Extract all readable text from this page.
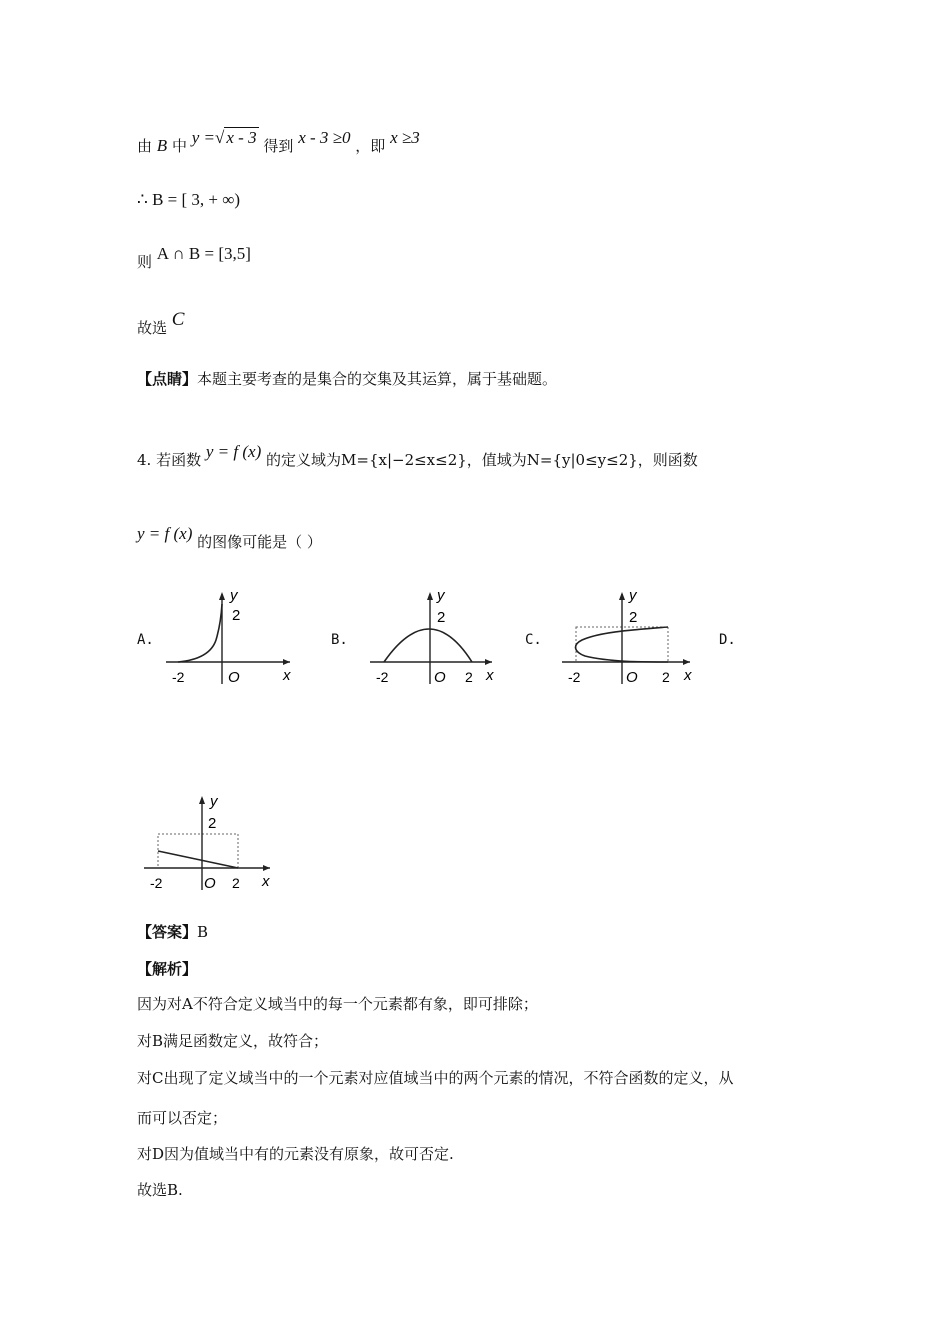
由 B 中 y =√ x - 3 得到 x - 3 ≥0 ，即 x ≥3
∴ B = [ 3, + ∞)
则 A ∩ B = [3,5]
故选 C
【点睛】本题主要考查的是集合的交集及其运算，属于基础题。
4. 若函数 y = f (x) 的定义域为M={x|−2≤x≤2}，值域为N={y|0≤y≤2}，则函数
y = f (x) 的图像可能是（ ）
A.	B.	C.	D.
y
2
-2	O	x
y
2
-2	O 2 x
y
2
-2	O 2 x
y
2
-2	O 2 x
【答案】B
【解析】
因为对A不符合定义域当中的每一个元素都有象，即可排除；
对B满足函数定义，故符合；
对C出现了定义域当中的一个元素对应值域当中的两个元素的情况，不符合函数的定义，从
而可以否定；
对D因为值域当中有的元素没有原象，故可否定.
故选B.
